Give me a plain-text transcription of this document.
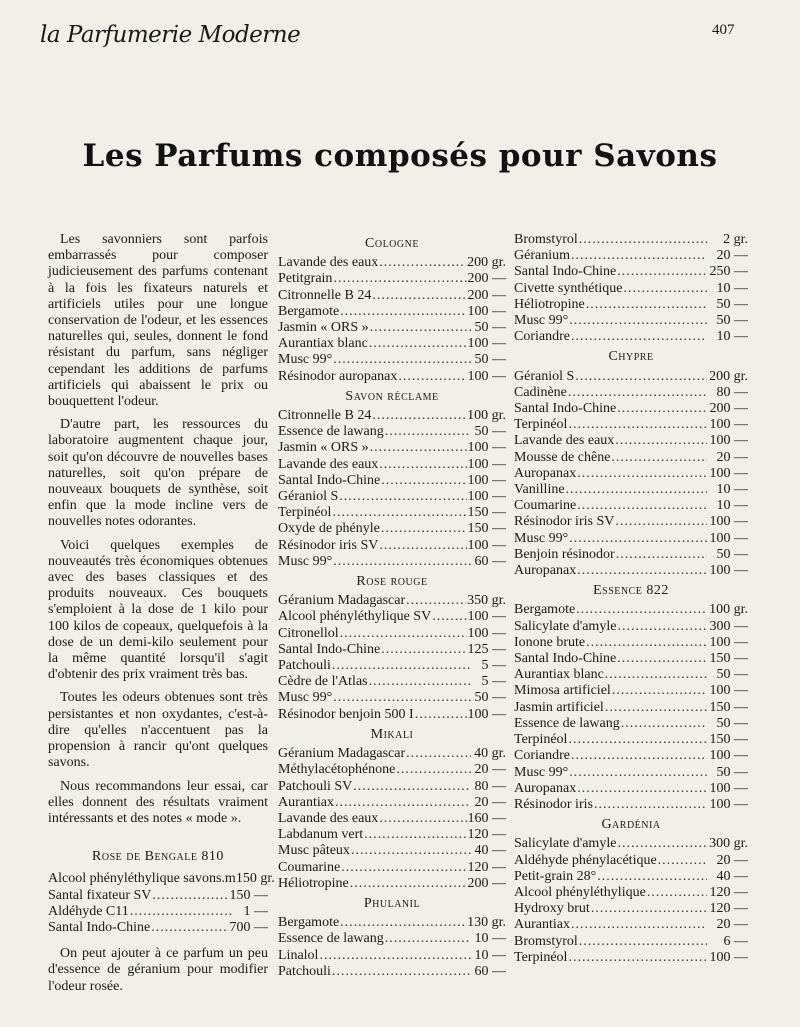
la Parfumerie Moderne	407
Les Parfums composés pour Savons

Les savonniers sont parfois embarrassés pour composer judicieusement des parfums contenant à la fois les fixateurs naturels et artificiels utiles pour une longue conservation de l'odeur, et les essences naturelles qui, seules, donnent le fond résistant du parfum, sans négliger cependant les additions de parfums artificiels qui abaissent le prix ou bouquettent l'odeur.

D'autre part, les ressources du laboratoire augmentent chaque jour, soit qu'on découvre de nouvelles bases naturelles, soit qu'on prépare de nouveaux bouquets de synthèse, soit enfin que la mode incline vers de nouvelles notes odorantes.

Voici quelques exemples de nouveautés très économiques obtenues avec des bases classiques et des produits nouveaux. Ces bouquets s'emploient à la dose de 1 kilo pour 100 kilos de copeaux, quelquefois à la dose de un demi-kilo seulement pour la même quantité lorsqu'il s'agit d'obtenir des prix vraiment très bas.

Toutes les odeurs obtenues sont très persistantes et non oxydantes, c'est-à-dire qu'elles n'accentuent pas la propension à rancir qu'ont quelques savons.

Nous recommandons leur essai, car elles donnent des résultats vraiment intéressants et des notes « mode ».

Rose de Bengale 810
Alcool phényléthylique savons.m 150 gr.
Santal fixateur SV .....	150 —
Aldéhyde C11 .....	1 —
Santal Indo-Chine .....	700 —

On peut ajouter à ce parfum un peu d'essence de géranium pour modifier l'odeur rosée.

Cologne
Lavande des eaux .....	200 gr.
Petitgrain .....	200 —
Citronnelle B 24 .....	200 —
Bergamote .....	100 —
Jasmin « ORS » .....	50 —
Aurantiax blanc .....	100 —
Musc 99° .....	50 —
Résinodor auropanax .....	100 —
Savon réclame
Citronnelle B 24 .....	100 gr.
Essence de lawang .....	50 —
Jasmin « ORS » .....	100 —
Lavande des eaux .....	100 —
Santal Indo-Chine .....	100 —
Géraniol S .....	100 —
Terpinéol .....	150 —
Oxyde de phényle .....	150 —
Résinodor iris SV .....	100 —
Musc 99° .....	60 —
Rose rouge
Géranium Madagascar .....	350 gr.
Alcool phényléthylique SV .....	100 —
Citronellol .....	100 —
Santal Indo-Chine .....	125 —
Patchouli .....	5 —
Cèdre de l'Atlas .....	5 —
Musc 99° .....	50 —
Résinodor benjoin 500 I .....	100 —
Mikali
Géranium Madagascar .....	40 gr.
Méthylacétophénone .....	20 —
Patchouli SV .....	80 —
Aurantiax .....	20 —
Lavande des eaux .....	160 —
Labdanum vert .....	120 —
Musc pâteux .....	40 —
Coumarine .....	120 —
Héliotropine .....	200 —
Phulanil
Bergamote .....	130 gr.
Essence de lawang .....	10 —
Linalol .....	10 —
Patchouli .....	60 —
Bromstyrol .....	2 gr.
Géranium .....	20 —
Santal Indo-Chine .....	250 —
Civette synthétique .....	10 —
Héliotropine .....	50 —
Musc 99° .....	50 —
Coriandre .....	10 —
Chypre
Géraniol S .....	200 gr.
Cadinène .....	80 —
Santal Indo-Chine .....	200 —
Terpinéol .....	100 —
Lavande des eaux .....	100 —
Mousse de chêne .....	20 —
Auropanax .....	100 —
Vanilline .....	10 —
Coumarine .....	10 —
Résinodor iris SV .....	100 —
Musc 99° .....	100 —
Benjoin résinodor .....	50 —
Auropanax .....	100 —
Essence 822
Bergamote .....	100 gr.
Salicylate d'amyle .....	300 —
Ionone brute .....	100 —
Santal Indo-Chine .....	150 —
Aurantiax blanc .....	50 —
Mimosa artificiel .....	100 —
Jasmin artificiel .....	150 —
Essence de lawang .....	50 —
Terpinéol .....	150 —
Coriandre .....	100 —
Musc 99° .....	50 —
Auropanax .....	100 —
Résinodor iris .....	100 —
Gardénia
Salicylate d'amyle .....	300 gr.
Aldéhyde phénylacétique .....	20 —
Petit-grain 28° .....	40 —
Alcool phényléthylique .....	120 —
Hydroxy brut .....	120 —
Aurantiax .....	20 —
Bromstyrol .....	6 —
Terpinéol .....	100 —
